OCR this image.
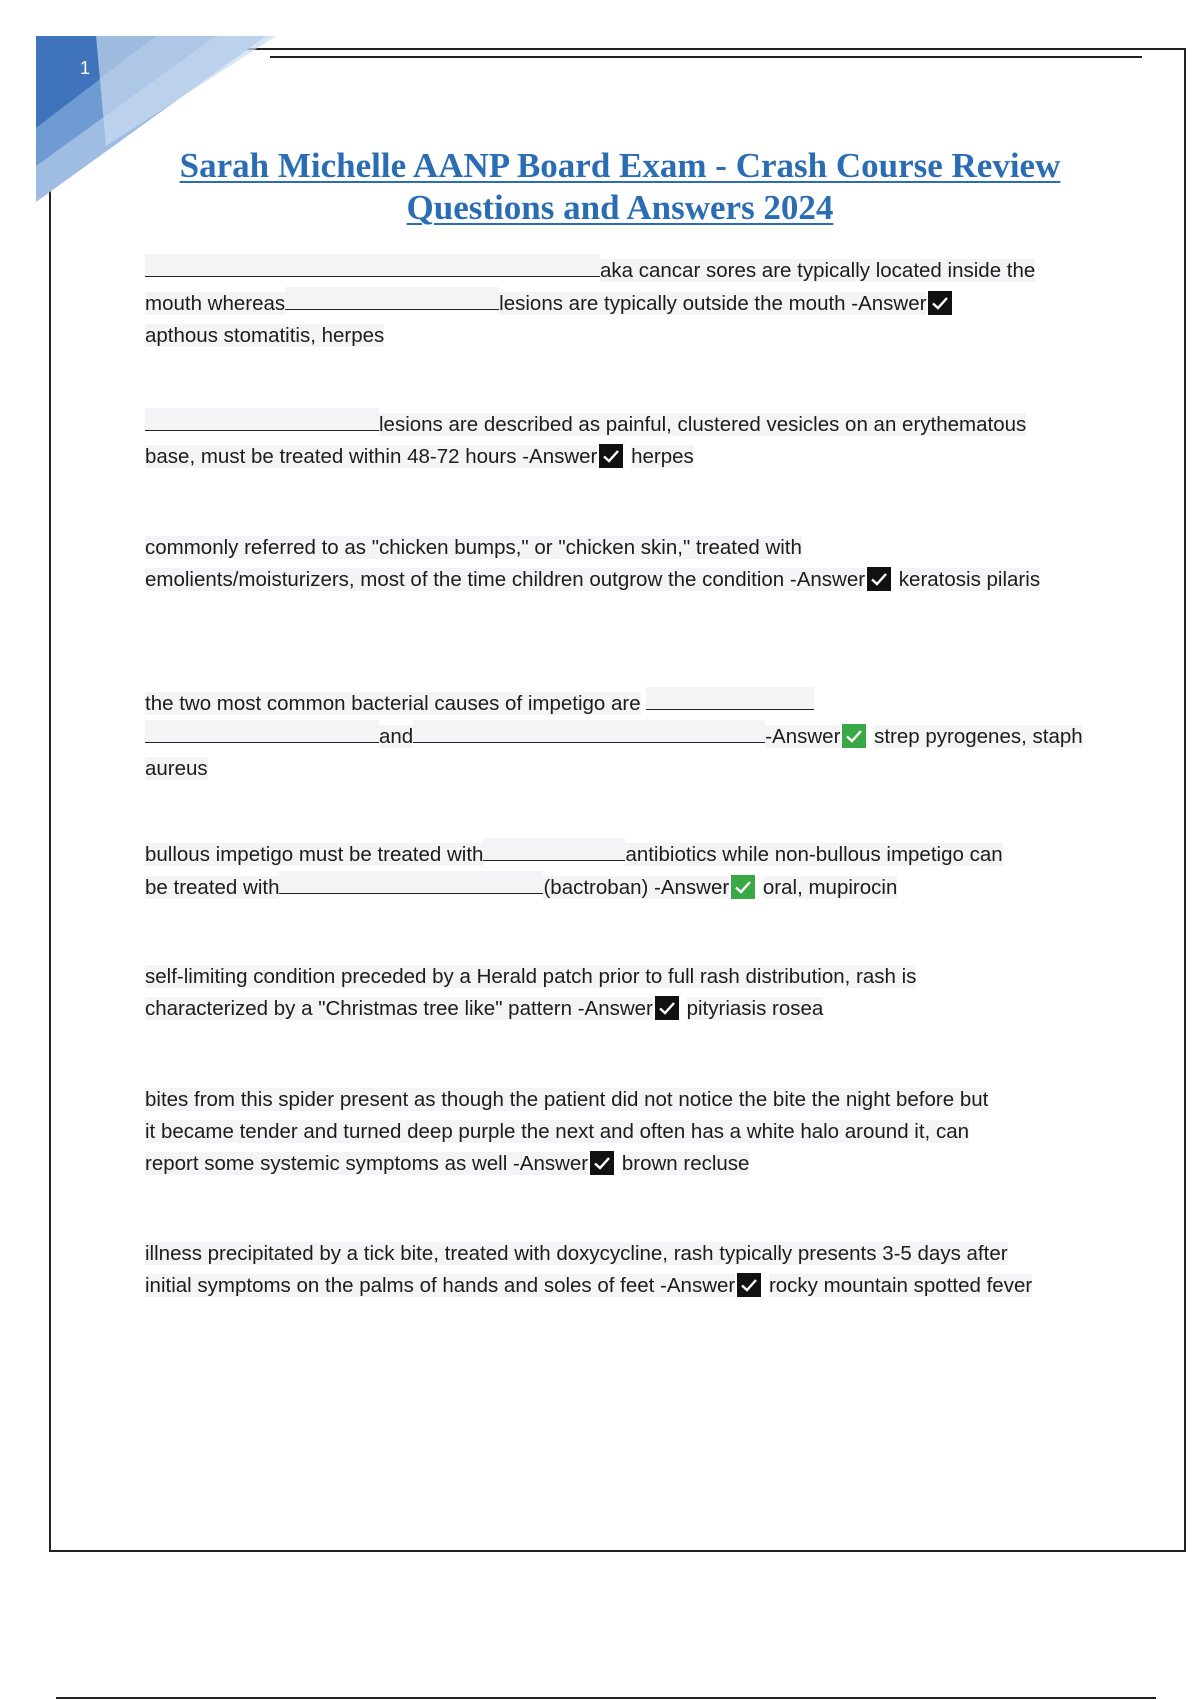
1
Sarah Michelle AANP Board Exam - Crash Course Review
Questions and Answers 2024
aka cancar sores are typically located inside the
mouth whereas	lesions are typically outside the mouth -Answer

apthous stomatitis, herpes
lesions are described as painful, clustered vesicles on an erythematous
base, must be treated within 48-72 hours -Answer herpes
commonly referred to as "chicken bumps," or "chicken skin," treated with
emolients/moisturizers, most of the time children outgrow the condition -Answer keratosis pilaris
the two most common bacterial causes of impetigo are
and	-Answer strep pyrogenes, staph aureus
bullous impetigo must be treated with	antibiotics while non-bullous impetigo can
be treated with	(bactroban) -Answer oral, mupirocin
self-limiting condition preceded by a Herald patch prior to full rash distribution, rash is
characterized by a "Christmas tree like" pattern -Answer pityriasis rosea
bites from this spider present as though the patient did not notice the bite the night before but
it became tender and turned deep purple the next and often has a white halo around it, can
report some systemic symptoms as well -Answer brown recluse
illness precipitated by a tick bite, treated with doxycycline, rash typically presents 3-5 days after
initial symptoms on the palms of hands and soles of feet -Answer rocky mountain spotted fever
